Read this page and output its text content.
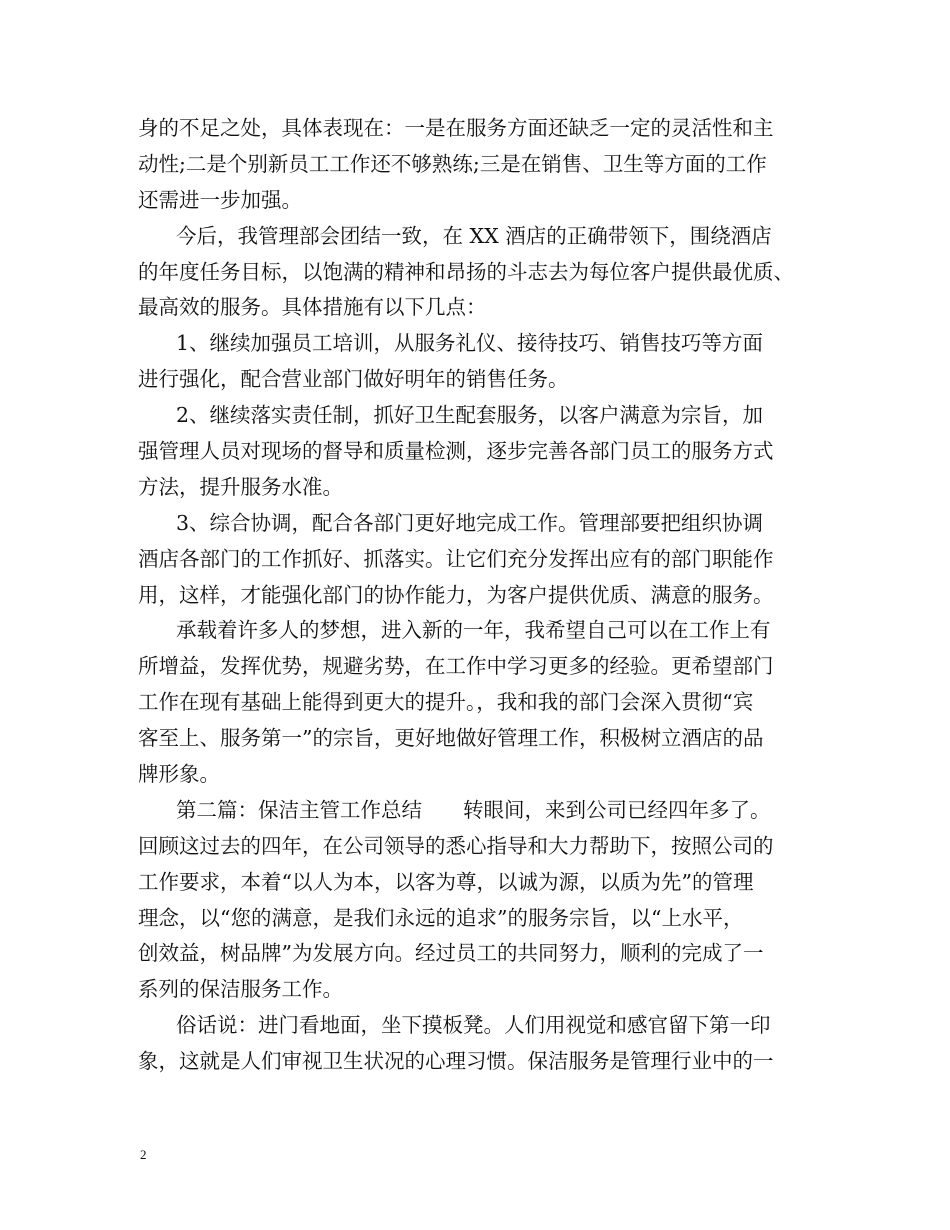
身的不足之处，具体表现在：一是在服务方面还缺乏一定的灵活性和主

动性;二是个别新员工工作还不够熟练;三是在销售、卫生等方面的工作

还需进一步加强。

今后，我管理部会团结一致，在 XX 酒店的正确带领下，围绕酒店

的年度任务目标，以饱满的精神和昂扬的斗志去为每位客户提供最优质、

最高效的服务。具体措施有以下几点：

1、继续加强员工培训，从服务礼仪、接待技巧、销售技巧等方面

进行强化，配合营业部门做好明年的销售任务。

2、继续落实责任制，抓好卫生配套服务，以客户满意为宗旨，加

强管理人员对现场的督导和质量检测，逐步完善各部门员工的服务方式

方法，提升服务水准。

3、综合协调，配合各部门更好地完成工作。管理部要把组织协调

酒店各部门的工作抓好、抓落实。让它们充分发挥出应有的部门职能作

用，这样，才能强化部门的协作能力，为客户提供优质、满意的服务。

承载着许多人的梦想，进入新的一年，我希望自己可以在工作上有

所增益，发挥优势，规避劣势，在工作中学习更多的经验。更希望部门

工作在现有基础上能得到更大的提升。，我和我的部门会深入贯彻“宾

客至上、服务第一”的宗旨，更好地做好管理工作，积极树立酒店的品

牌形象。

第二篇：保洁主管工作总结　　转眼间，来到公司已经四年多了。

回顾这过去的四年，在公司领导的悉心指导和大力帮助下，按照公司的

工作要求，本着“以人为本，以客为尊，以诚为源，以质为先”的管理

理念，以“您的满意，是我们永远的追求”的服务宗旨，以“上水平，

创效益，树品牌”为发展方向。经过员工的共同努力，顺利的完成了一

系列的保洁服务工作。

俗话说：进门看地面，坐下摸板凳。人们用视觉和感官留下第一印

象，这就是人们审视卫生状况的心理习惯。保洁服务是管理行业中的一

2
